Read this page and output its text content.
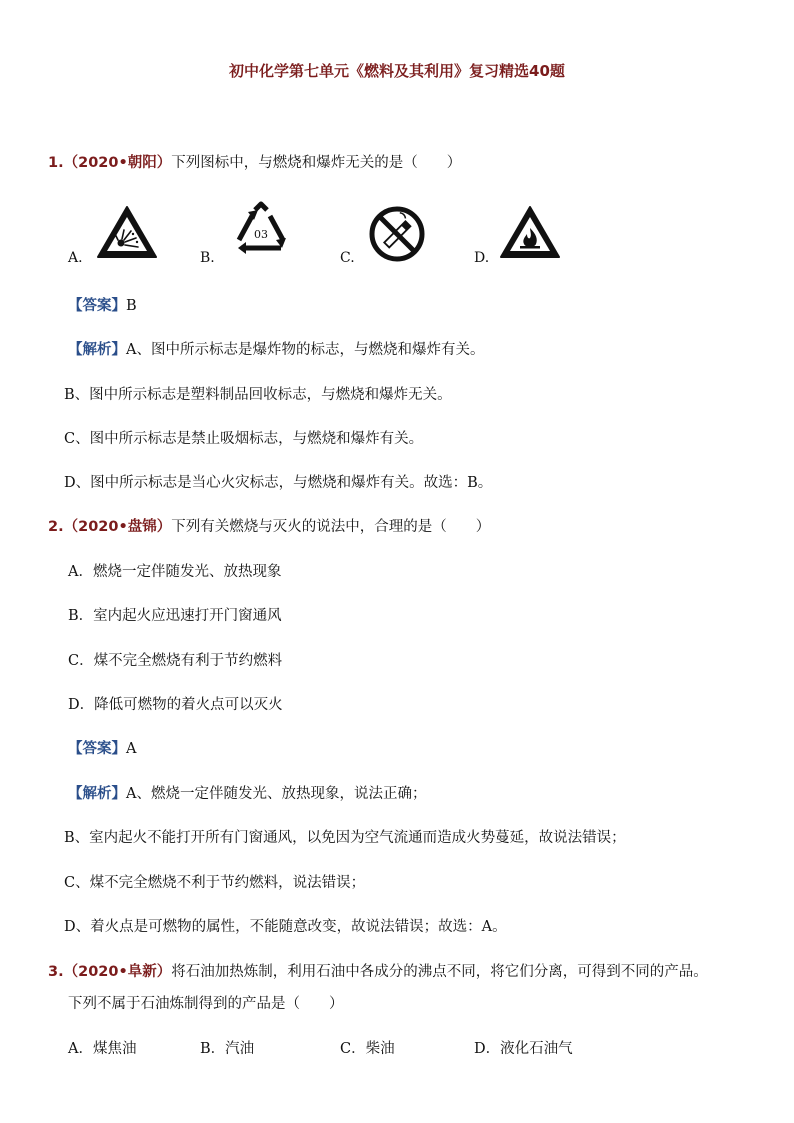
初中化学第七单元《燃料及其利用》复习精选40题
1.（2020•朝阳）下列图标中，与燃烧和爆炸无关的是（　　）
A.	B.
03
C.	D.
【答案】B
【解析】A、图中所示标志是爆炸物的标志，与燃烧和爆炸有关。
B、图中所示标志是塑料制品回收标志，与燃烧和爆炸无关。
C、图中所示标志是禁止吸烟标志，与燃烧和爆炸有关。
D、图中所示标志是当心火灾标志，与燃烧和爆炸有关。故选：B。
2.（2020•盘锦）下列有关燃烧与灭火的说法中，合理的是（　　）
A．燃烧一定伴随发光、放热现象
B．室内起火应迅速打开门窗通风
C．煤不完全燃烧有利于节约燃料
D．降低可燃物的着火点可以灭火
【答案】A
【解析】A、燃烧一定伴随发光、放热现象，说法正确；
B、室内起火不能打开所有门窗通风，以免因为空气流通而造成火势蔓延，故说法错误；
C、煤不完全燃烧不利于节约燃料，说法错误；
D、着火点是可燃物的属性，不能随意改变，故说法错误；故选：A。
3.（2020•阜新）将石油加热炼制，利用石油中各成分的沸点不同，将它们分离，可得到不同的产品。
下列不属于石油炼制得到的产品是（　　）
A．煤焦油	B．汽油	C．柴油	D．液化石油气
